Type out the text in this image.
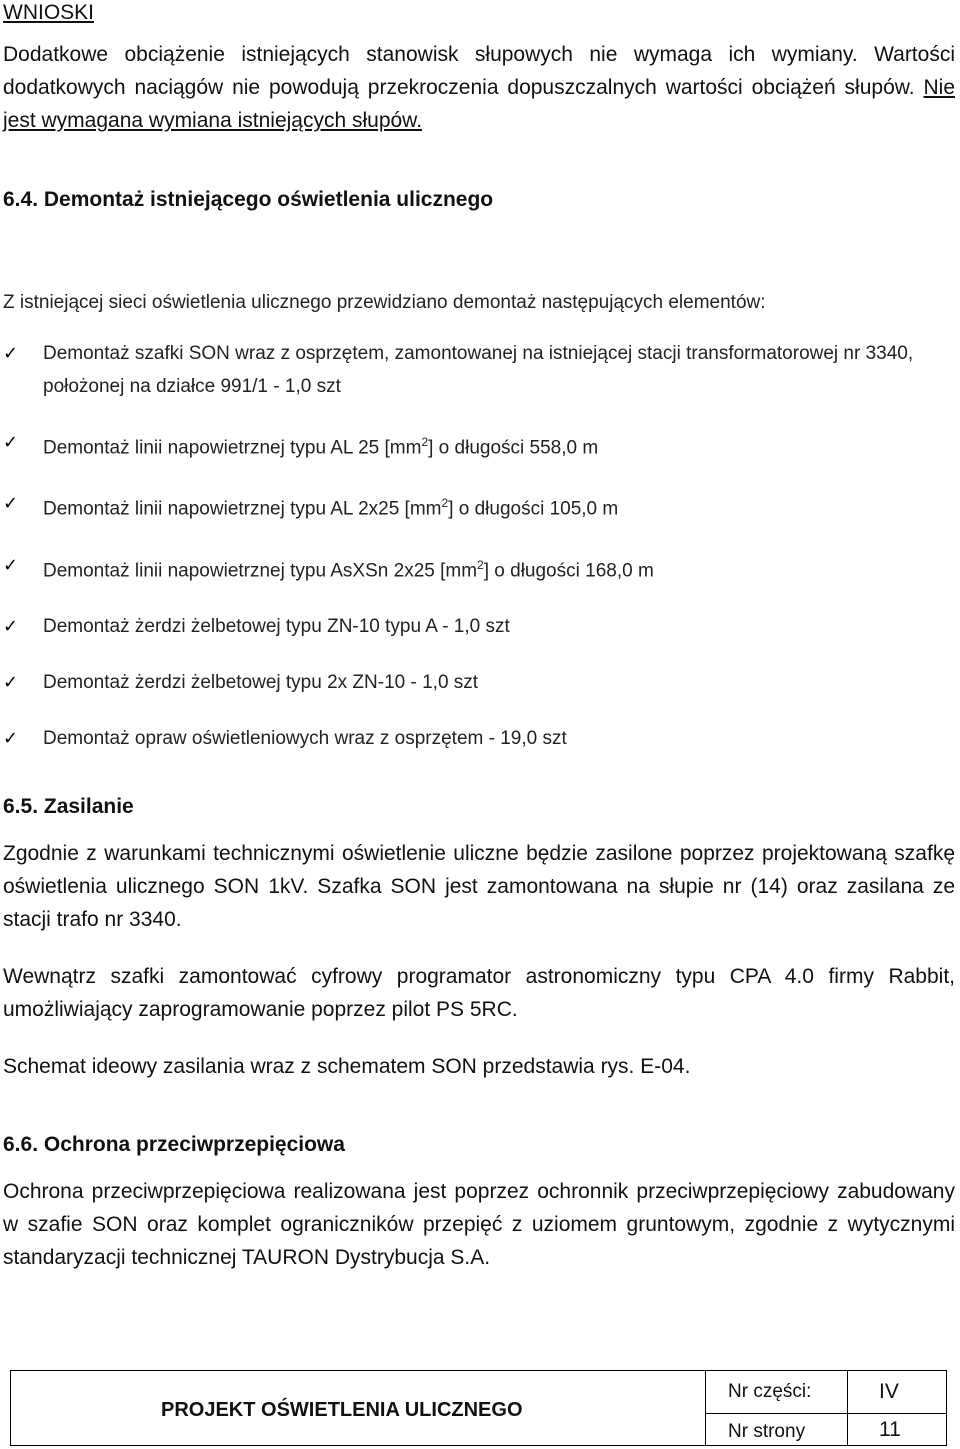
WNIOSKI

Dodatkowe obciążenie istniejących stanowisk słupowych nie wymaga ich wymiany. Wartości dodatkowych naciągów nie powodują przekroczenia dopuszczalnych wartości obciążeń słupów. Nie jest wymagana wymiana istniejących słupów.

6.4. Demontaż istniejącego oświetlenia ulicznego
Z istniejącej sieci oświetlenia ulicznego przewidziano demontaż następujących elementów:
✓ Demontaż szafki SON wraz z osprzętem, zamontowanej na istniejącej stacji transformatorowej nr 3340, położonej na działce 991/1 - 1,0 szt
✓ Demontaż linii napowietrznej typu AL 25 $[mm^2]$ o długości 558,0 m
✓ Demontaż linii napowietrznej typu AL 2x25 $[mm^2]$ o długości 105,0 m
✓ Demontaż linii napowietrznej typu AsXSn 2x25 $[mm^2]$ o długości 168,0 m
✓ Demontaż żerdzi żelbetowej typu ZN-10 typu A - 1,0 szt
✓ Demontaż żerdzi żelbetowej typu 2x ZN-10 - 1,0 szt
✓ Demontaż opraw oświetleniowych wraz z osprzętem - 19,0 szt
6.5. Zasilanie

Zgodnie z warunkami technicznymi oświetlenie uliczne będzie zasilone poprzez projektowaną szafkę oświetlenia ulicznego SON 1kV. Szafka SON jest zamontowana na słupie nr (14) oraz zasilana ze stacji trafo nr 3340.

Wewnątrz szafki zamontować cyfrowy programator astronomiczny typu CPA 4.0 firmy Rabbit, umożliwiający zaprogramowanie poprzez pilot PS 5RC.

Schemat ideowy zasilania wraz z schematem SON przedstawia rys. E-04.

6.6. Ochrona przeciwprzepięciowa

Ochrona przeciwprzepięciowa realizowana jest poprzez ochronnik przeciwprzepięciowy zabudowany w szafie SON oraz komplet ograniczników przepięć z uziomem gruntowym, zgodnie z wytycznymi standaryzacji technicznej TAURON Dystrybucja S.A.

PROJEKT OŚWIETLENIA ULICZNEGO
Nr części:	IV
Nr strony	11
